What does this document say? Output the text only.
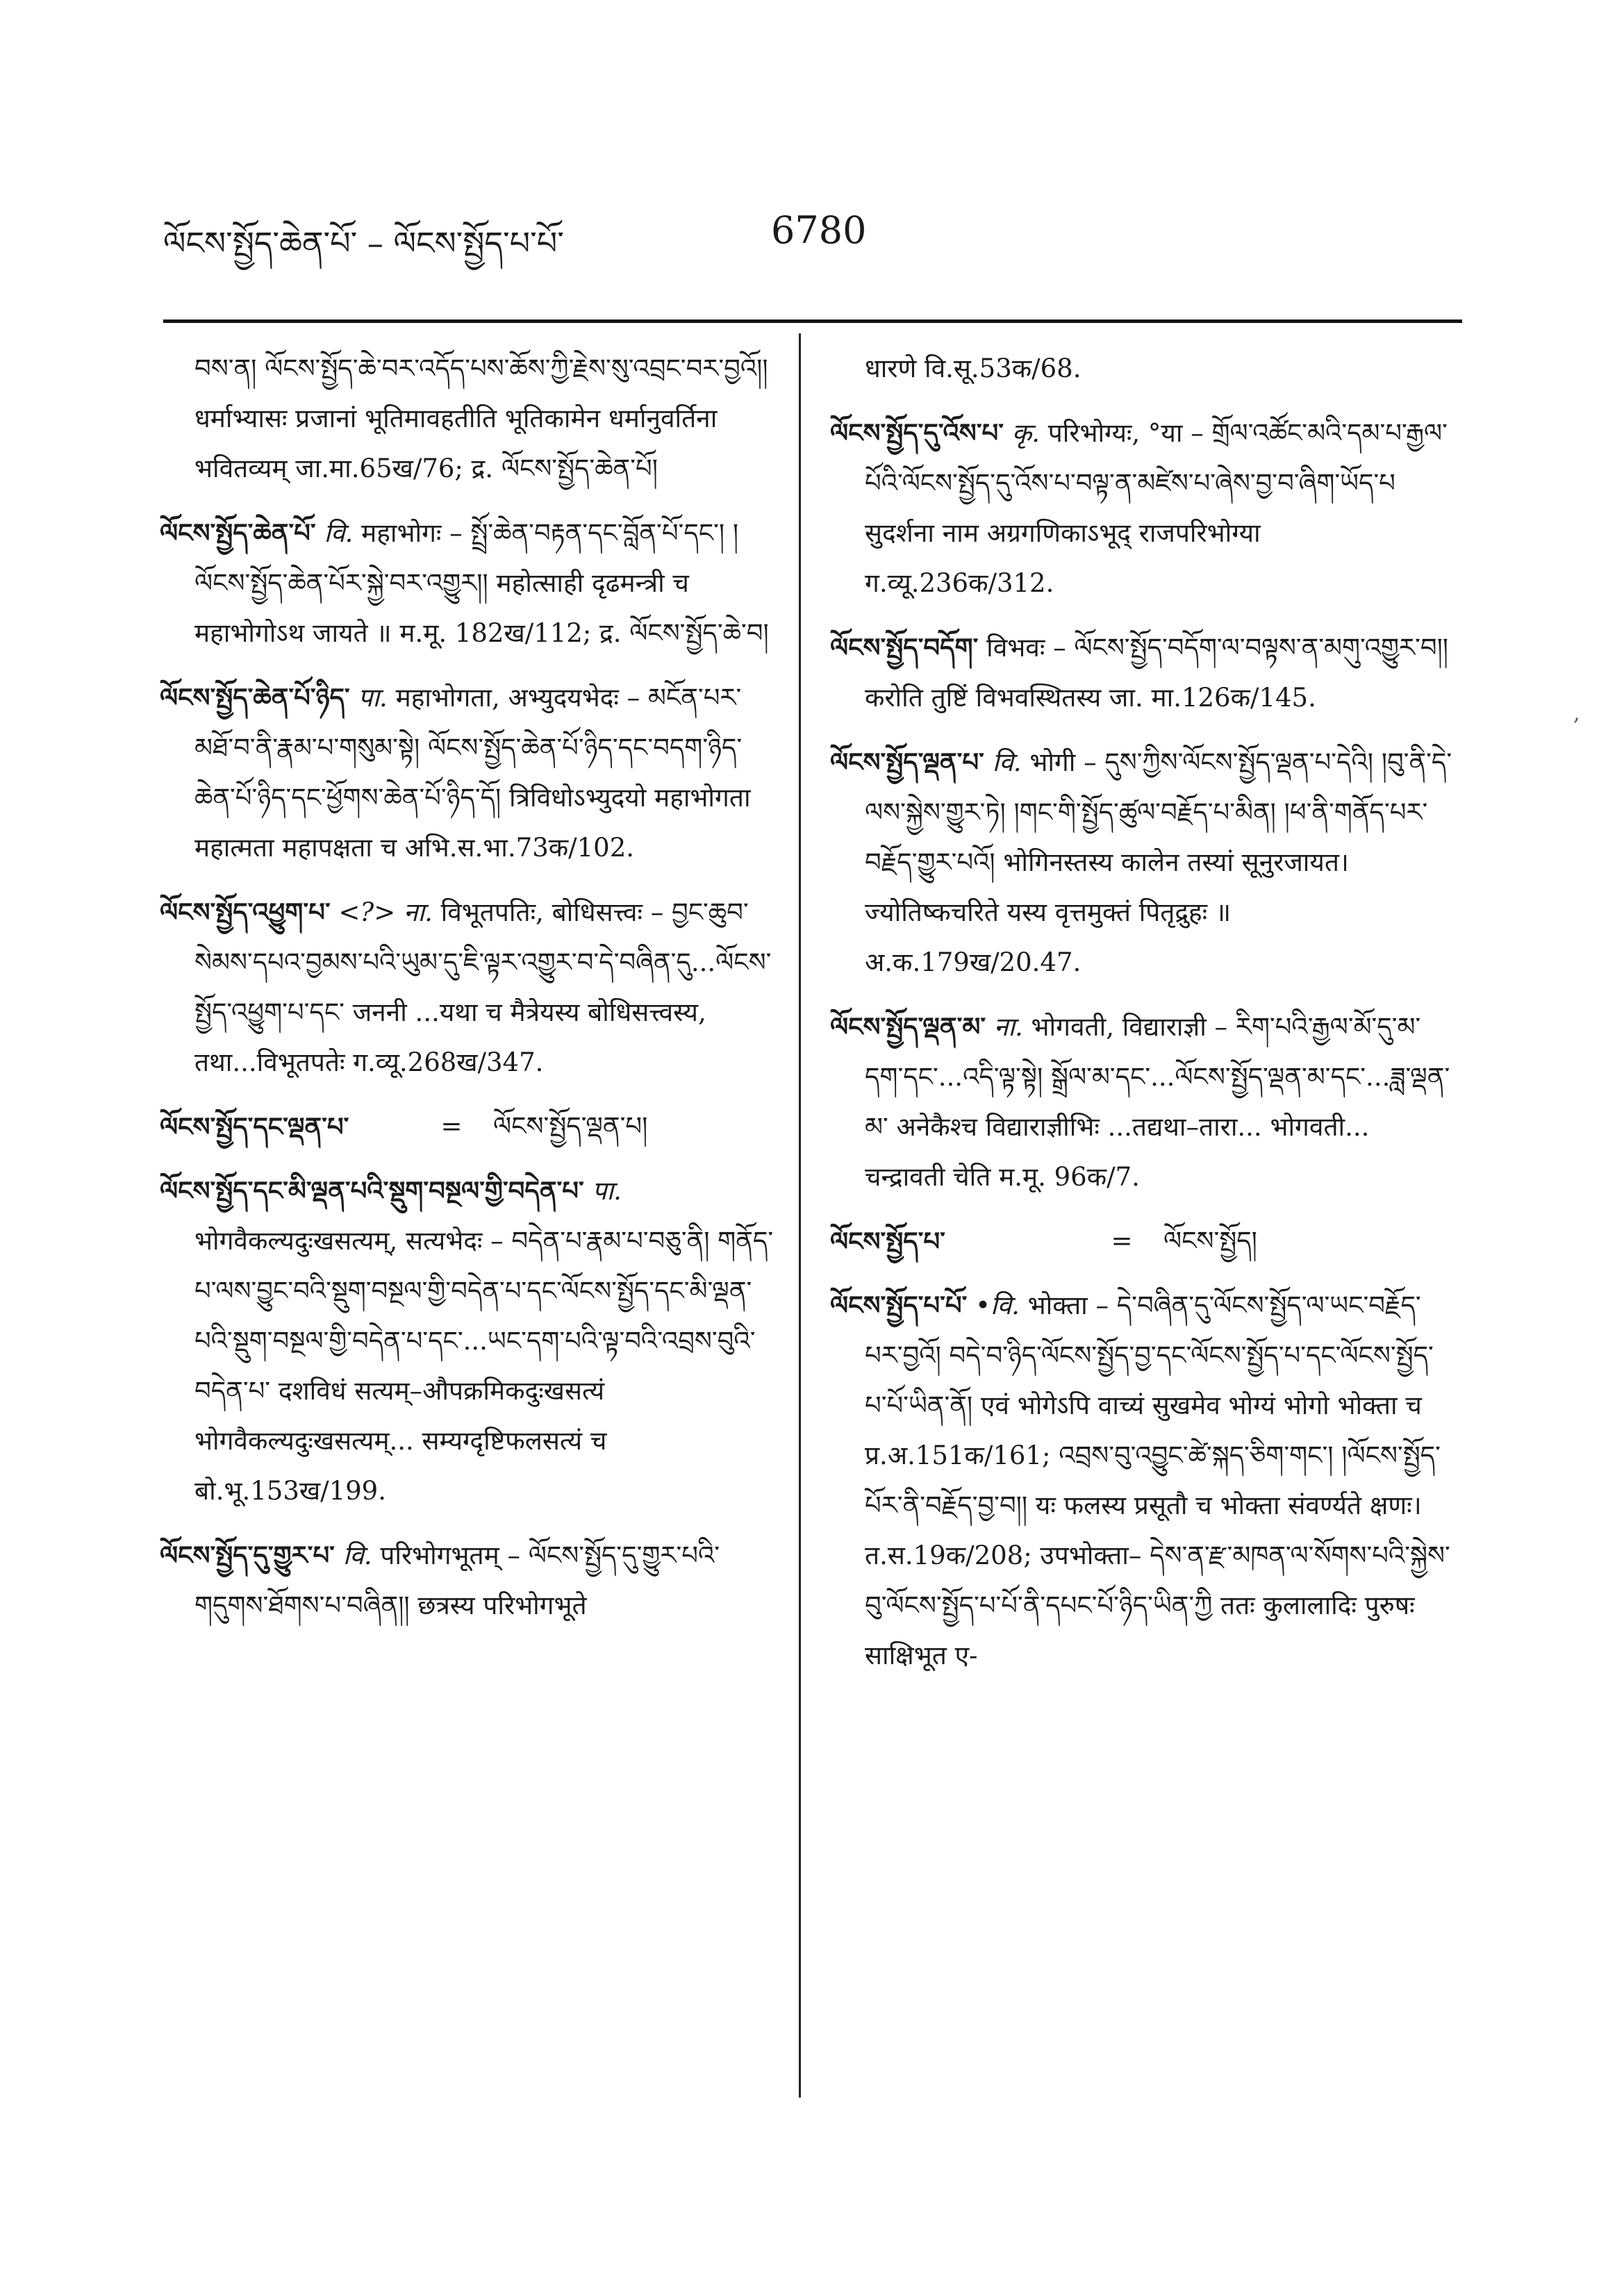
ལོངས་སྤྱོད་ཆེན་པོ་ – ལོངས་སྤྱོད་པ་པོ་	6780
,

བས་ན། ལོངས་སྤྱོད་ཆེ་བར་འདོད་པས་ཆོས་ཀྱི་རྗེས་སུ་འབྲང་བར་བྱའོ།། धर्माभ्यासः प्रजानां भूतिमावहतीति भूतिकामेन धर्मानुवर्तिना भवितव्यम् जा.मा.65ख/76; द्र. ལོངས་སྤྱོད་ཆེན་པོ།

ལོངས་སྤྱོད་ཆེན་པོ་ वि. महाभोगः – སྤྲོ་ཆེན་བརྟན་དང་བློན་པོ་དང་། །ལོངས་སྤྱོད་ཆེན་པོར་སྐྱེ་བར་འགྱུར།། महोत्साही दृढमन्त्री च महाभोगोऽथ जायते ॥ म.मू. 182ख/112; द्र. ལོངས་སྤྱོད་ཆེ་བ།

ལོངས་སྤྱོད་ཆེན་པོ་ཉིད་ पा. महाभोगता, अभ्युदयभेदः – མངོན་པར་མཐོ་བ་ནི་རྣམ་པ་གསུམ་སྟེ། ལོངས་སྤྱོད་ཆེན་པོ་ཉིད་དང་བདག་ཉིད་ཆེན་པོ་ཉིད་དང་ཕྱོགས་ཆེན་པོ་ཉིད་དོ། त्रिविधोऽभ्युदयो महाभोगता महात्मता महापक्षता च अभि.स.भा.73क/102.

ལོངས་སྤྱོད་འཕྱུག་པ་ <?> ना. विभूतपतिः, बोधिसत्त्वः – བྱང་ཆུབ་སེམས་དཔའ་བྱམས་པའི་ཡུམ་དུ་ཇི་ལྟར་འགྱུར་བ་དེ་བཞིན་དུ...ལོངས་སྤྱོད་འཕྱུག་པ་དང་ जननी ...यथा च मैत्रेयस्य बोधिसत्त्वस्य, तथा...विभूतपतेः ग.व्यू.268ख/347.

ལོངས་སྤྱོད་དང་ལྡན་པ་	=	ལོངས་སྤྱོད་ལྡན་པ།

ལོངས་སྤྱོད་དང་མི་ལྡན་པའི་སྡུག་བསྔལ་གྱི་བདེན་པ་ पा. भोगवैकल्यदुःखसत्यम्, सत्यभेदः – བདེན་པ་རྣམ་པ་བཅུ་ནི། གནོད་པ་ལས་བྱུང་བའི་སྡུག་བསྔལ་གྱི་བདེན་པ་དང་ལོངས་སྤྱོད་དང་མི་ལྡན་པའི་སྡུག་བསྔལ་གྱི་བདེན་པ་དང་...ཡང་དག་པའི་ལྟ་བའི་འབྲས་བུའི་བདེན་པ་ दशविधं सत्यम्–औपक्रमिकदुःखसत्यं भोगवैकल्यदुःखसत्यम्... सम्यग्दृष्टिफलसत्यं च बो.भू.153ख/199.

ལོངས་སྤྱོད་དུ་གྱུར་པ་ वि. परिभोगभूतम् – ལོངས་སྤྱོད་དུ་གྱུར་པའི་གདུགས་ཐོགས་པ་བཞིན།། छत्रस्य परिभोगभूते

धारणे वि.सू.53क/68.

ལོངས་སྤྱོད་དུ་འོས་པ་ कृ. परिभोग्यः, °या – གྲོལ་འཚོང་མའི་དམ་པ་རྒྱལ་པོའི་ལོངས་སྤྱོད་དུ་འོས་པ་བལྟ་ན་མཛེས་པ་ཞེས་བྱ་བ་ཞིག་ཡོད་པ सुदर्शना नाम अग्रगणिकाऽभूद् राजपरिभोग्या ग.व्यू.236क/312.

ལོངས་སྤྱོད་བདོག་ विभवः – ལོངས་སྤྱོད་བདོག་ལ་བལྟས་ན་མགུ་འགྱུར་བ།། करोति तुष्टिं विभवस्थितस्य जा. मा.126क/145.

ལོངས་སྤྱོད་ལྡན་པ་ वि. भोगी – དུས་ཀྱིས་ལོངས་སྤྱོད་ལྡན་པ་དེའི། །བུ་ནི་དེ་ལས་སྐྱེས་གྱུར་ཏེ། །གང་གི་སྤྱོད་ཚུལ་བརྗོད་པ་མིན། །ཕ་ནི་གནོད་པར་བརྗོད་གྱུར་པའོ། भोगिनस्तस्य कालेन तस्यां सूनुरजायत। ज्योतिष्कचरिते यस्य वृत्तमुक्तं पितृद्रुहः ॥ अ.क.179ख/20.47.

ལོངས་སྤྱོད་ལྡན་མ་ ना. भोगवती, विद्याराज्ञी – རིག་པའི་རྒྱལ་མོ་དུ་མ་དག་དང་...འདི་ལྟ་སྟེ། སྒྲོལ་མ་དང་...ལོངས་སྤྱོད་ལྡན་མ་དང་...ཟླ་ལྡན་མ་ अनेकैश्च विद्याराज्ञीभिः ...तद्यथा–तारा... भोगवती... चन्द्रावती चेति म.मू. 96क/7.

ལོངས་སྤྱོད་པ་	=	ལོངས་སྤྱོད།

ལོངས་སྤྱོད་པ་པོ་ •वि. भोक्ता – དེ་བཞིན་དུ་ལོངས་སྤྱོད་ལ་ཡང་བརྗོད་པར་བྱའོ། བདེ་བ་ཉིད་ལོངས་སྤྱོད་བྱ་དང་ལོངས་སྤྱོད་པ་དང་ལོངས་སྤྱོད་པ་པོ་ཡིན་ནོ། एवं भोगेऽपि वाच्यं सुखमेव भोग्यं भोगो भोक्ता च प्र.अ.151क/161; འབྲས་བུ་འབྱུང་ཚེ་སྐད་ཅིག་གང་། །ལོངས་སྤྱོད་པོར་ནི་བརྗོད་བྱ་བ།། यः फलस्य प्रसूतौ च भोक्ता संवर्ण्यते क्षणः। त.स.19क/208; उपभोक्ता– དེས་ན་རྫ་མཁན་ལ་སོགས་པའི་སྐྱེས་བུ་ལོངས་སྤྱོད་པ་པོ་ནི་དཔང་པོ་ཉིད་ཡིན་ཀྱི ततः कुलालादिः पुरुषः साक्षिभूत ए-
